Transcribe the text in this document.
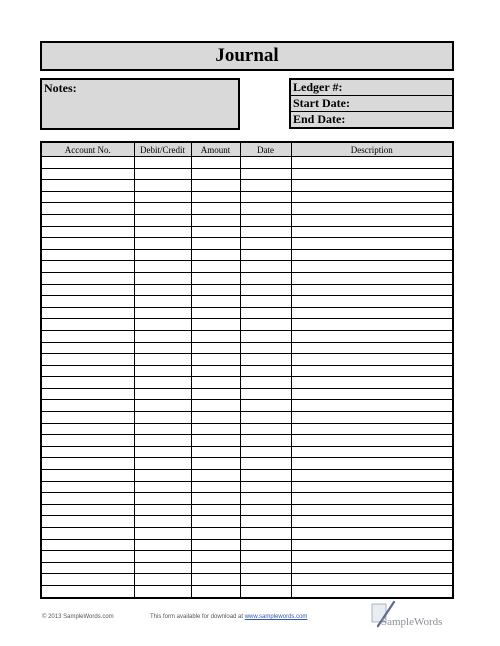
Journal
Notes:	Ledger #:
Start Date:
End Date:
Account No.	Debit/Credit	Amount	Date	Description

© 2013 SampleWords.com	This form available for download at www.samplewords.com	SampleWords
